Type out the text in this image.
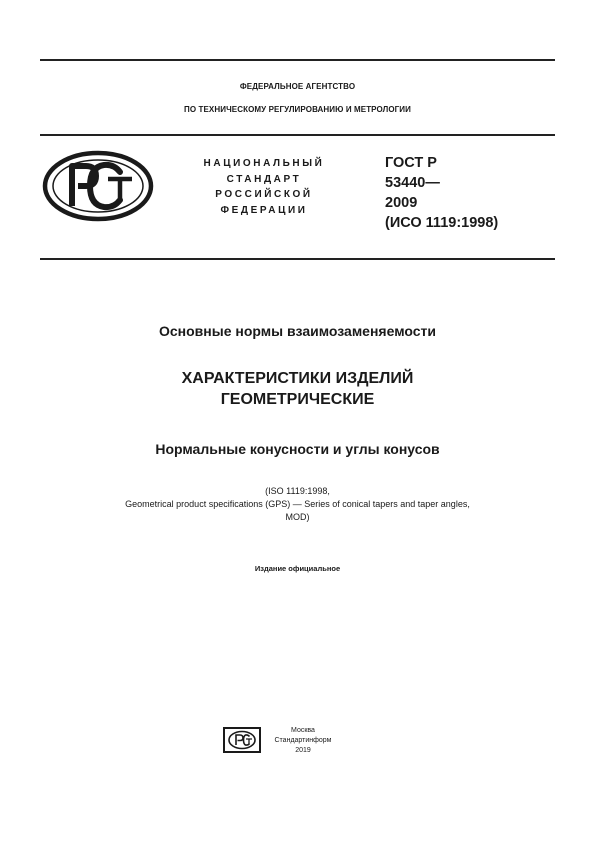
ФЕДЕРАЛЬНОЕ АГЕНТСТВО
ПО ТЕХНИЧЕСКОМУ РЕГУЛИРОВАНИЮ И МЕТРОЛОГИИ
НАЦИОНАЛЬНЫЙ
СТАНДАРТ
РОССИЙСКОЙ
ФЕДЕРАЦИИ
ГОСТ Р
53440—
2009
(ИСО 1119:1998)
Основные нормы взаимозаменяемости
ХАРАКТЕРИСТИКИ ИЗДЕЛИЙ
ГЕОМЕТРИЧЕСКИЕ
Нормальные конусности и углы конусов
(ISO 1119:1998,
Geometrical product specifications (GPS) — Series of conical tapers and taper angles,
MOD)
Издание официальное
Москва
Стандартинформ
2019
